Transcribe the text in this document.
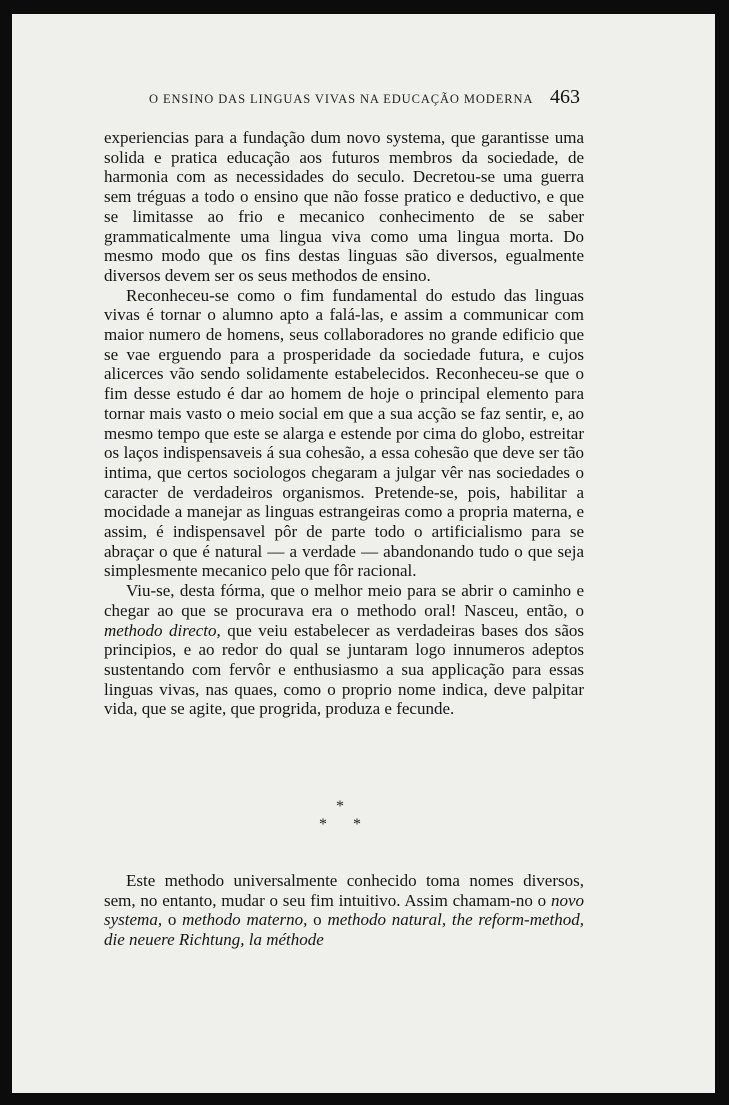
O ENSINO DAS LINGUAS VIVAS NA EDUCAÇÃO MODERNA 463

experiencias para a fundação dum novo systema, que garantisse uma solida e pratica educação aos futuros membros da sociedade, de harmonia com as necessidades do seculo. Decretou-se uma guerra sem tréguas a todo o ensino que não fosse pratico e deductivo, e que se limitasse ao frio e mecanico conhecimento de se saber grammaticalmente uma lingua viva como uma lingua morta. Do mesmo modo que os fins destas linguas são diversos, egualmente diversos devem ser os seus methodos de ensino.

Reconheceu-se como o fim fundamental do estudo das linguas vivas é tornar o alumno apto a falá-las, e assim a communicar com maior numero de homens, seus collaboradores no grande edificio que se vae erguendo para a prosperidade da sociedade futura, e cujos alicerces vão sendo solidamente estabelecidos. Reconheceu-se que o fim desse estudo é dar ao homem de hoje o principal elemento para tornar mais vasto o meio social em que a sua acção se faz sentir, e, ao mesmo tempo que este se alarga e estende por cima do globo, estreitar os laços indispensaveis á sua cohesão, a essa cohesão que deve ser tão intima, que certos sociologos chegaram a julgar vêr nas sociedades o caracter de verdadeiros organismos. Pretende-se, pois, habilitar a mocidade a manejar as linguas estrangeiras como a propria materna, e assim, é indispensavel pôr de parte todo o artificialismo para se abraçar o que é natural — a verdade — abandonando tudo o que seja simplesmente mecanico pelo que fôr racional.

Viu-se, desta fórma, que o melhor meio para se abrir o caminho e chegar ao que se procurava era o methodo oral! Nasceu, então, o methodo directo, que veiu estabelecer as verdadeiras bases dos sãos principios, e ao redor do qual se juntaram logo innumeros adeptos sustentando com fervôr e enthusiasmo a sua applicação para essas linguas vivas, nas quaes, como o proprio nome indica, deve palpitar vida, que se agite, que progrida, produza e fecunde.

*
* *

Este methodo universalmente conhecido toma nomes diversos, sem, no entanto, mudar o seu fim intuitivo. Assim chamam-no o novo systema, o methodo materno, o methodo natural, the reform-method, die neuere Richtung, la méthode
